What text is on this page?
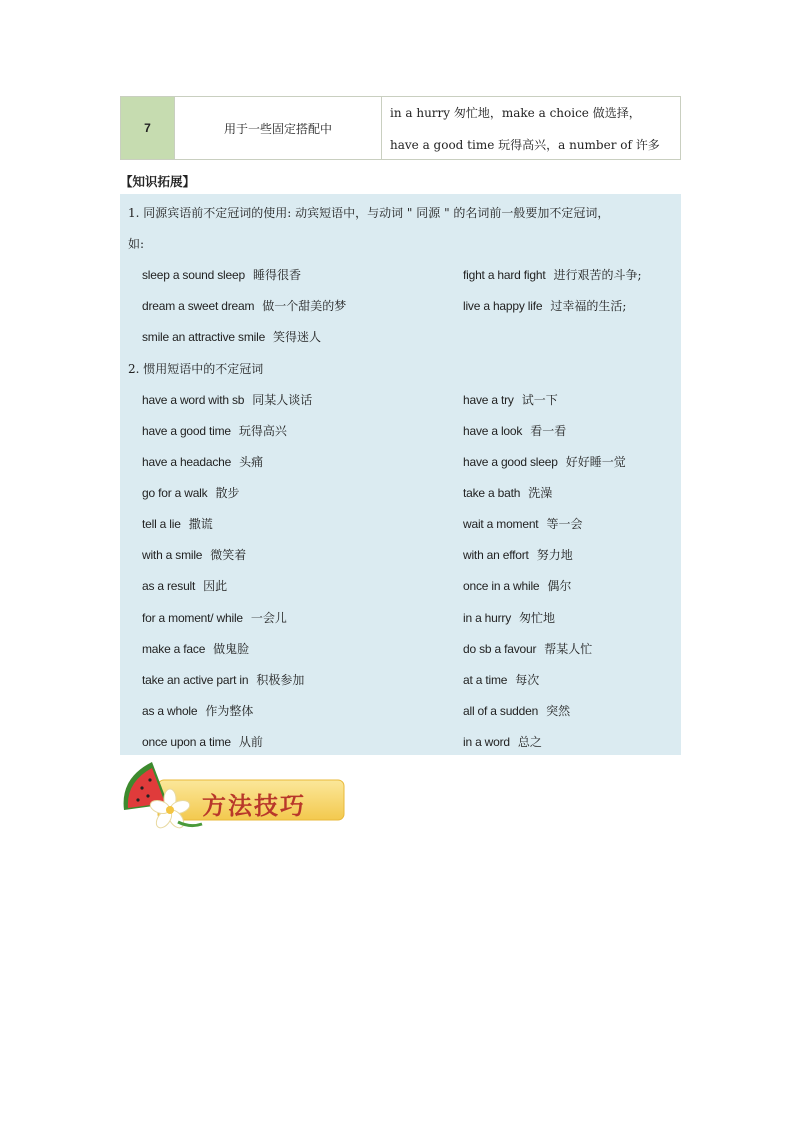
7	用于一些固定搭配中
in a hurry 匆忙地，make a choice 做选择，
have a good time 玩得高兴，a number of 许多
【知识拓展】
1. 同源宾语前不定冠词的使用: 动宾短语中，与动词 " 同源 " 的名词前一般要加不定冠词，
如:
sleep a sound sleep 睡得很香	fight a hard fight 进行艰苦的斗争;
dream a sweet dream 做一个甜美的梦	live a happy life 过幸福的生活;
smile an attractive smile 笑得迷人
2. 惯用短语中的不定冠词
have a word with sb 同某人谈话	have a try 试一下
have a good time 玩得高兴	have a look 看一看
have a headache 头痛	have a good sleep 好好睡一觉
go for a walk 散步	take a bath 洗澡
tell a lie 撒谎	wait a moment 等一会
with a smile 微笑着	with an effort 努力地
as a result 因此	once in a while 偶尔
for a moment/ while 一会儿	in a hurry 匆忙地
make a face 做鬼脸	do sb a favour 帮某人忙
take an active part in 积极参加	at a time 每次
as a whole 作为整体	all of a sudden 突然
once upon a time 从前	in a word 总之
方法技巧
